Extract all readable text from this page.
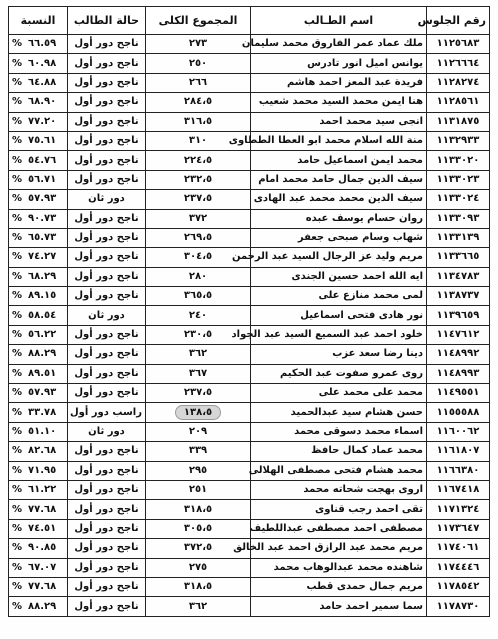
رقم الجلوس	اسم الطـالب	المجموع الكلى	حالة الطالب	النسبة
١١٢٥٦٨٣	ملك عماد عمر الفاروق محمد سليمان	٢٧٣	ناجح دور أول	% ٦٦.٥٩
١١٢٦٦٦٤	يوانس اميل انور تادرس	٢٥٠	ناجح دور أول	% ٦٠.٩٨
١١٢٨٢٧٤	فريدة عبد المعز احمد هاشم	٢٦٦	ناجح دور أول	% ٦٤.٨٨
١١٢٨٥٦١	هنا ايمن محمد السيد محمد شعيب	٢٨٤،٥	ناجح دور أول	% ٦٨.٩٠
١١٣١٨٧٥	انجى سيد محمد احمد	٣١٦،٥	ناجح دور أول	% ٧٧.٢٠
١١٣٢٩٣٣	منة الله اسلام محمد ابو العطا الططاوى	٣١٠	ناجح دور أول	% ٧٥.٦١
١١٣٣٠٢٠	محمد ايمن اسماعيل حامد	٢٢٤،٥	ناجح دور أول	% ٥٤.٧٦
١١٣٣٠٢٣	سيف الدين جمال حامد محمد امام	٢٣٢،٥	ناجح دور أول	% ٥٦.٧١
١١٣٣٠٢٤	سيف الدين محمد محمد عبد الهادى	٢٣٧،٥	دور ثان	% ٥٧.٩٣
١١٣٣٠٩٣	روان حسام يوسف عبده	٣٧٢	ناجح دور أول	% ٩٠.٧٣
١١٣٣١٣٩	شهاب وسام صبحى جعفر	٢٦٩،٥	ناجح دور أول	% ٦٥.٧٣
١١٣٣٦٦٥	مريم وليد عز الرجال السيد عبد الرحمن	٣٠٤،٥	ناجح دور أول	% ٧٤.٢٧
١١٣٤٧٨٣	ايه الله احمد حسين الجندى	٢٨٠	ناجح دور أول	% ٦٨.٢٩
١١٣٨٧٣٧	لمى محمد منازع على	٣٦٥،٥	ناجح دور أول	% ٨٩.١٥
١١٣٩٦٥٩	نور هادى فتحى اسماعيل	٢٤٠	دور ثان	% ٥٨.٥٤
١١٤٧٦١٢	خلود احمد عبد السميع السيد عبد الجواد	٢٣٠،٥	ناجح دور أول	% ٥٦.٢٢
١١٤٨٩٩٢	دينا رضا سعد عزب	٣٦٢	ناجح دور أول	% ٨٨.٢٩
١١٤٨٩٩٣	روى عمرو صفوت عبد الحكيم	٣٦٧	ناجح دور أول	% ٨٩.٥١
١١٤٩٥٥١	محمد على محمد على	٢٣٧،٥	ناجح دور أول	% ٥٧.٩٣
١١٥٥٥٨٨	حسن هشام سيد عبدالحميد	١٣٨،٥	راسب دور أول	% ٣٣.٧٨
١١٦٠٠٦٢	اسماء محمد دسوقى محمد	٢٠٩	دور ثان	% ٥١.١٠
١١٦١٨٠٧	محمد عماد كمال حافظ	٣٣٩	ناجح دور أول	% ٨٢.٦٨
١١٦٦٣٨٠	محمد هشام فتحى مصطفى الهلالى	٢٩٥	ناجح دور أول	% ٧١.٩٥
١١٦٧٤١٨	اروى بهجت شحاته محمد	٢٥١	ناجح دور أول	% ٦١.٢٢
١١٧١٣٢٤	تقى احمد رجب قناوى	٣١٨،٥	ناجح دور أول	% ٧٧.٦٨
١١٧٣٦٤٧	مصطفى احمد مصطفى عبداللطيف	٣٠٥،٥	ناجح دور أول	% ٧٤.٥١
١١٧٤٠٦١	مريم محمد عبد الرازق احمد عبد الخالق	٣٧٢،٥	ناجح دور أول	% ٩٠.٨٥
١١٧٤٤٤٦	شاهنده محمد عبدالوهاب محمد	٢٧٥	ناجح دور أول	% ٦٧.٠٧
١١٧٨٥٤٢	مريم جمال حمدى قطب	٣١٨،٥	ناجح دور أول	% ٧٧.٦٨
١١٧٨٧٣٠	سما سمير احمد حامد	٣٦٢	ناجح دور أول	% ٨٨.٢٩
